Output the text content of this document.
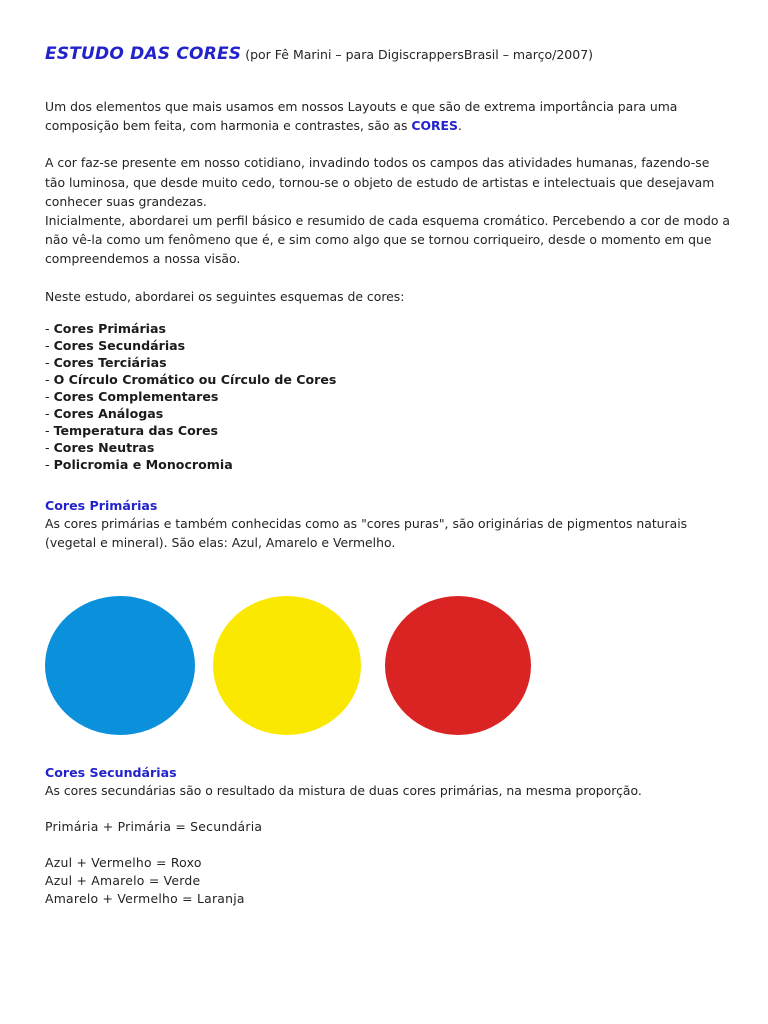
ESTUDO DAS CORES (por Fê Marini – para DigiscrappersBrasil – março/2007)

Um dos elementos que mais usamos em nossos Layouts e que são de extrema importância para uma composição bem feita, com harmonia e contrastes, são as CORES.

A cor faz-se presente em nosso cotidiano, invadindo todos os campos das atividades humanas, fazendo-se tão luminosa, que desde muito cedo, tornou-se o objeto de estudo de artistas e intelectuais que desejavam conhecer suas grandezas.

Inicialmente, abordarei um perfil básico e resumido de cada esquema cromático. Percebendo a cor de modo a não vê-la como um fenômeno que é, e sim como algo que se tornou corriqueiro, desde o momento em que compreendemos a nossa visão.

Neste estudo, abordarei os seguintes esquemas de cores:

- Cores Primárias
- Cores Secundárias
- Cores Terciárias
- O Círculo Cromático ou Círculo de Cores
- Cores Complementares
- Cores Análogas
- Temperatura das Cores
- Cores Neutras
- Policromia e Monocromia

Cores Primárias

As cores primárias e também conhecidas como as "cores puras", são originárias de pigmentos naturais (vegetal e mineral). São elas: Azul, Amarelo e Vermelho.

Cores Secundárias

As cores secundárias são o resultado da mistura de duas cores primárias, na mesma proporção.

Primária + Primária = Secundária

Azul + Vermelho = Roxo

Azul + Amarelo = Verde

Amarelo + Vermelho = Laranja
